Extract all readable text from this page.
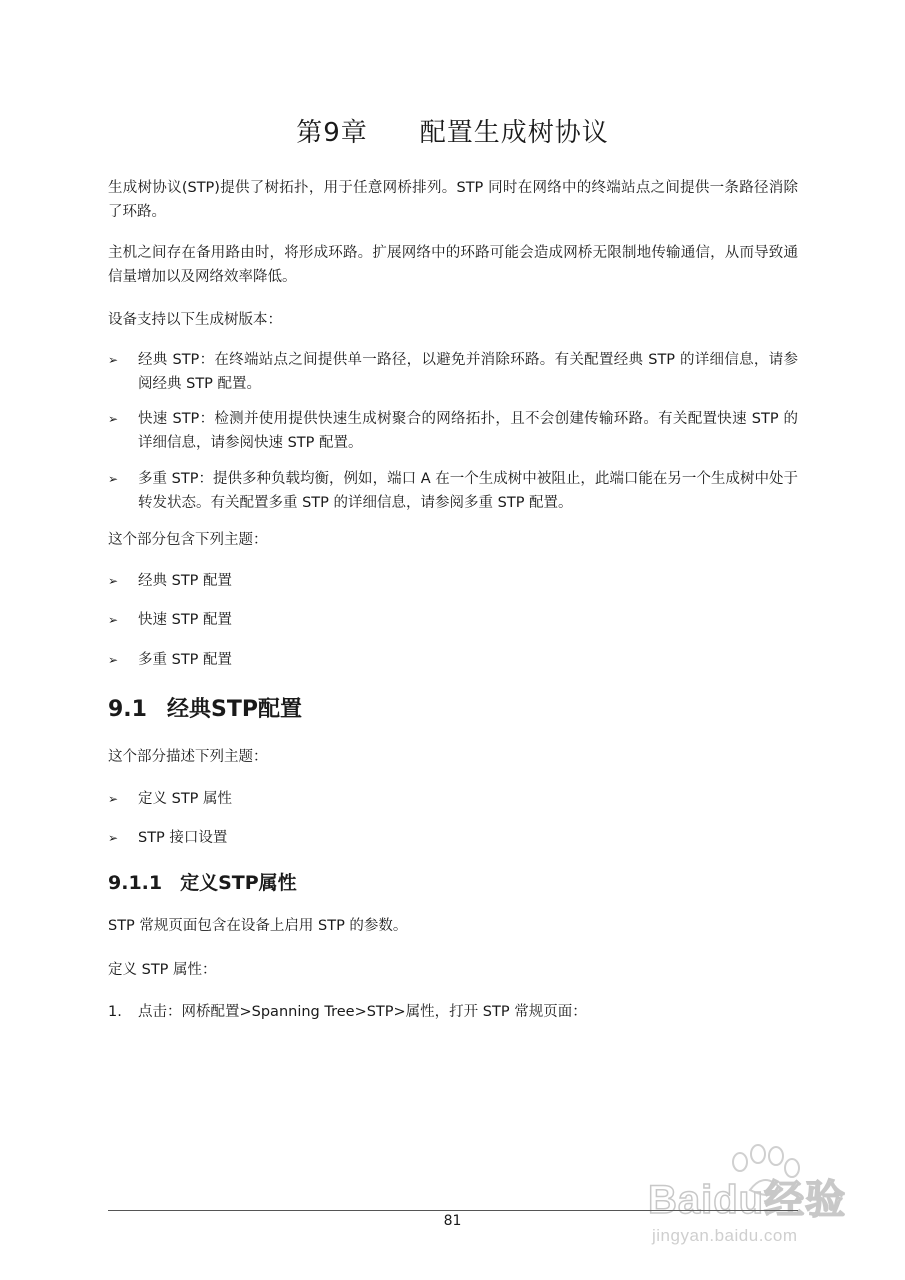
第9章 配置生成树协议
生成树协议(STP)提供了树拓扑，用于任意网桥排列。STP 同时在网络中的终端站点之间提供一条路径消除了环路。
主机之间存在备用路由时，将形成环路。扩展网络中的环路可能会造成网桥无限制地传输通信，从而导致通信量增加以及网络效率降低。
设备支持以下生成树版本：
➢	经典 STP：在终端站点之间提供单一路径，以避免并消除环路。有关配置经典 STP 的详细信息，请参阅经典 STP 配置。
➢	快速 STP：检测并使用提供快速生成树聚合的网络拓扑，且不会创建传输环路。有关配置快速 STP 的详细信息，请参阅快速 STP 配置。
➢	多重 STP：提供多种负载均衡，例如，端口 A 在一个生成树中被阻止，此端口能在另一个生成树中处于转发状态。有关配置多重 STP 的详细信息，请参阅多重 STP 配置。
这个部分包含下列主题：
➢	经典 STP 配置
➢	快速 STP 配置
➢	多重 STP 配置
9.1 经典STP配置
这个部分描述下列主题：
➢	定义 STP 属性
➢	STP 接口设置
9.1.1 定义STP属性
STP 常规页面包含在设备上启用 STP 的参数。
定义 STP 属性：
1. 点击：网桥配置>Spanning Tree>STP>属性，打开 STP 常规页面：
Baidu经验
jingyan.baidu.com
81
